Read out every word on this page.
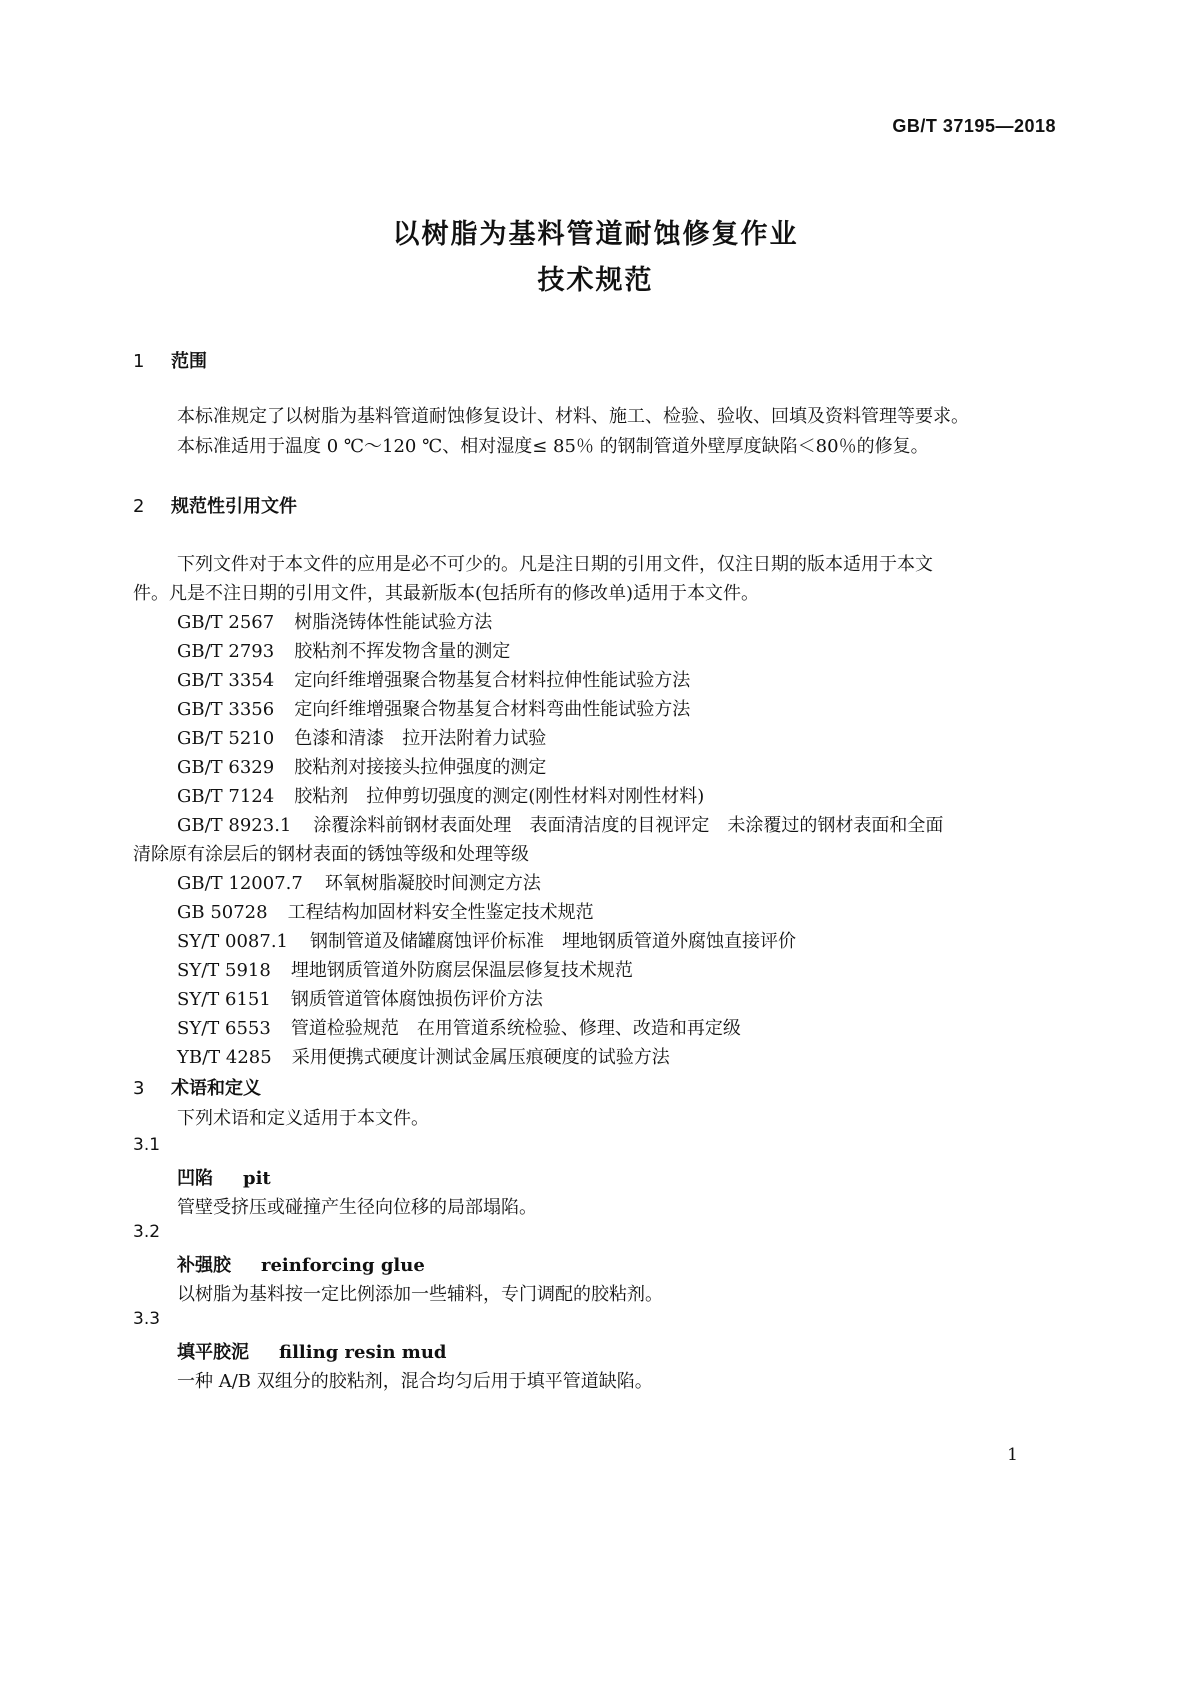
GB/T 37195—2018
以树脂为基料管道耐蚀修复作业
技术规范
1 范围
本标准规定了以树脂为基料管道耐蚀修复设计、材料、施工、检验、验收、回填及资料管理等要求。
本标准适用于温度 0 ℃～120 ℃、相对湿度≤ 85％ 的钢制管道外壁厚度缺陷＜80％的修复。
2 规范性引用文件
下列文件对于本文件的应用是必不可少的。凡是注日期的引用文件，仅注日期的版本适用于本文
件。凡是不注日期的引用文件，其最新版本(包括所有的修改单)适用于本文件。
GB/T 2567 树脂浇铸体性能试验方法
GB/T 2793 胶粘剂不挥发物含量的测定
GB/T 3354 定向纤维增强聚合物基复合材料拉伸性能试验方法
GB/T 3356 定向纤维增强聚合物基复合材料弯曲性能试验方法
GB/T 5210 色漆和清漆　拉开法附着力试验
GB/T 6329 胶粘剂对接接头拉伸强度的测定
GB/T 7124 胶粘剂　拉伸剪切强度的测定(刚性材料对刚性材料)
GB/T 8923.1 涂覆涂料前钢材表面处理　表面清洁度的目视评定　未涂覆过的钢材表面和全面
清除原有涂层后的钢材表面的锈蚀等级和处理等级
GB/T 12007.7 环氧树脂凝胶时间测定方法
GB 50728 工程结构加固材料安全性鉴定技术规范
SY/T 0087.1 钢制管道及储罐腐蚀评价标准　埋地钢质管道外腐蚀直接评价
SY/T 5918 埋地钢质管道外防腐层保温层修复技术规范
SY/T 6151 钢质管道管体腐蚀损伤评价方法
SY/T 6553 管道检验规范　在用管道系统检验、修理、改造和再定级
YB/T 4285 采用便携式硬度计测试金属压痕硬度的试验方法
3 术语和定义
下列术语和定义适用于本文件。
3.1
凹陷 pit
管壁受挤压或碰撞产生径向位移的局部塌陷。
3.2
补强胶 reinforcing glue
以树脂为基料按一定比例添加一些辅料，专门调配的胶粘剂。
3.3
填平胶泥 filling resin mud
一种 A/B 双组分的胶粘剂，混合均匀后用于填平管道缺陷。
1
